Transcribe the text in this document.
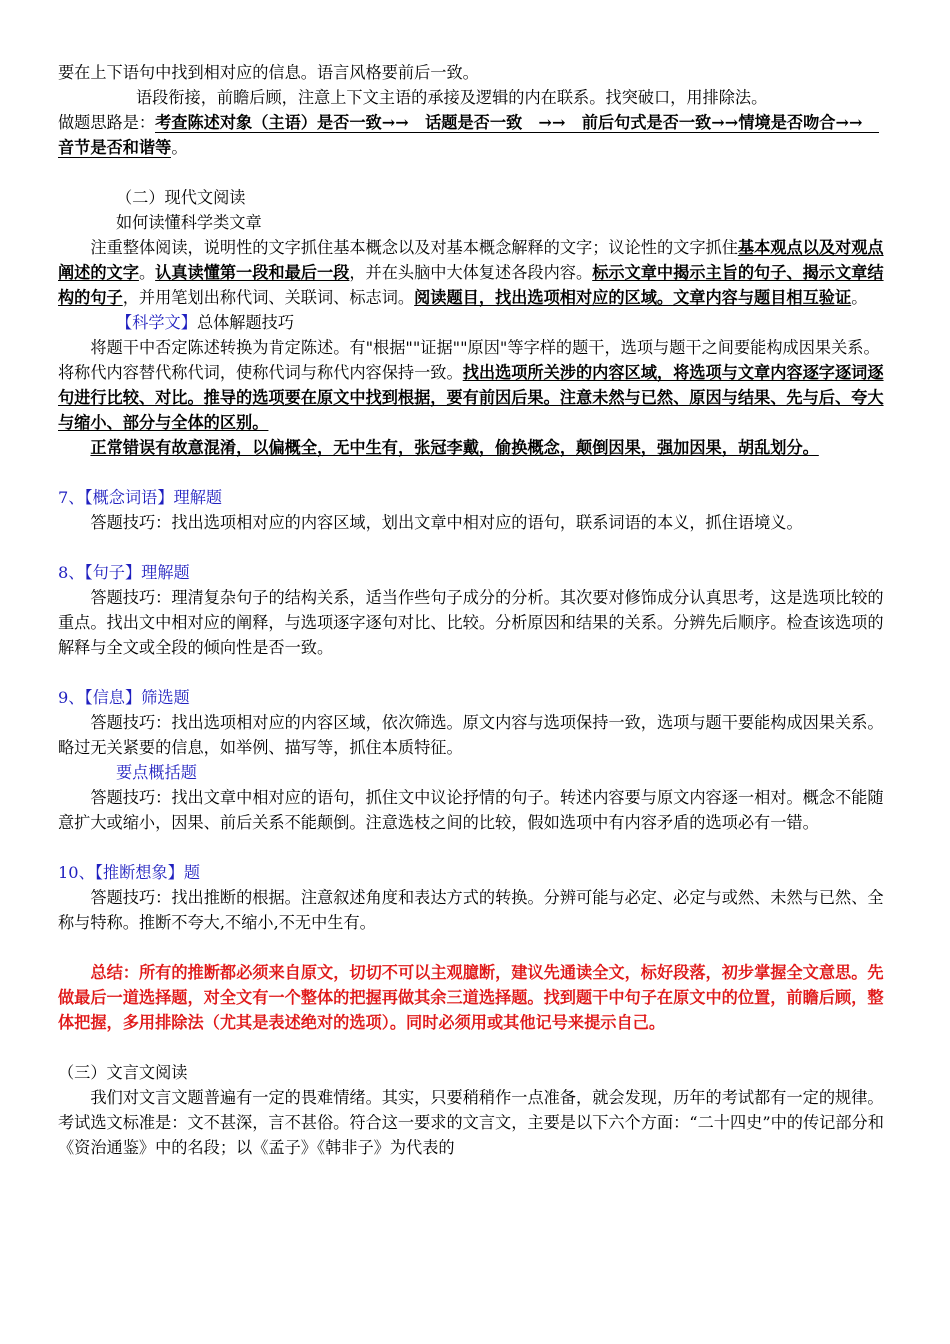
要在上下语句中找到相对应的信息。语言风格要前后一致。

语段衔接，前瞻后顾，注意上下文主语的承接及逻辑的内在联系。找突破口，用排除法。

做题思路是：考查陈述对象（主语）是否一致→→　话题是否一致　→→　前后句式是否一致→→情境是否吻合→→　音节是否和谐等。

（二）现代文阅读

如何读懂科学类文章

注重整体阅读，说明性的文字抓住基本概念以及对基本概念解释的文字；议论性的文字抓住基本观点以及对观点阐述的文字。认真读懂第一段和最后一段，并在头脑中大体复述各段内容。标示文章中揭示主旨的句子、揭示文章结构的句子，并用笔划出称代词、关联词、标志词。阅读题目，找出选项相对应的区域。文章内容与题目相互验证。

【科学文】总体解题技巧

将题干中否定陈述转换为肯定陈述。有"根据""证据""原因"等字样的题干，选项与题干之间要能构成因果关系。将称代内容替代称代词，使称代词与称代内容保持一致。找出选项所关涉的内容区域，将选项与文章内容逐字逐词逐句进行比较、对比。推导的选项要在原文中找到根据，要有前因后果。注意未然与已然、原因与结果、先与后、夸大与缩小、部分与全体的区别。

正常错误有故意混淆，以偏概全，无中生有，张冠李戴，偷换概念，颠倒因果，强加因果，胡乱划分。

7、【概念词语】理解题

答题技巧：找出选项相对应的内容区域，划出文章中相对应的语句，联系词语的本义，抓住语境义。

8、【句子】理解题

答题技巧：理清复杂句子的结构关系，适当作些句子成分的分析。其次要对修饰成分认真思考，这是选项比较的重点。找出文中相对应的阐释，与选项逐字逐句对比、比较。分析原因和结果的关系。分辨先后顺序。检查该选项的解释与全文或全段的倾向性是否一致。

9、【信息】筛选题

答题技巧：找出选项相对应的内容区域，依次筛选。原文内容与选项保持一致，选项与题干要能构成因果关系。略过无关紧要的信息，如举例、描写等，抓住本质特征。

要点概括题

答题技巧：找出文章中相对应的语句，抓住文中议论抒情的句子。转述内容要与原文内容逐一相对。概念不能随意扩大或缩小，因果、前后关系不能颠倒。注意选枝之间的比较，假如选项中有内容矛盾的选项必有一错。

10、【推断想象】题

答题技巧：找出推断的根据。注意叙述角度和表达方式的转换。分辨可能与必定、必定与或然、未然与已然、全称与特称。推断不夸大,不缩小,不无中生有。

总结：所有的推断都必须来自原文，切切不可以主观臆断，建议先通读全文，标好段落，初步掌握全文意思。先做最后一道选择题，对全文有一个整体的把握再做其余三道选择题。找到题干中句子在原文中的位置，前瞻后顾，整体把握，多用排除法（尤其是表述绝对的选项）。同时必须用或其他记号来提示自己。

（三）文言文阅读

我们对文言文题普遍有一定的畏难情绪。其实，只要稍稍作一点准备，就会发现，历年的考试都有一定的规律。考试选文标准是：文不甚深，言不甚俗。符合这一要求的文言文，主要是以下六个方面：“二十四史”中的传记部分和《资治通鉴》中的名段；以《孟子》《韩非子》为代表的
